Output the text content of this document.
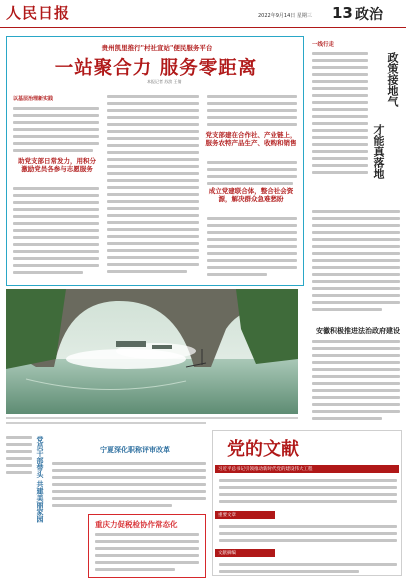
人民日报	2022年9月14日 星期三 13 政治
贵州凯里推行"村社宣站"便民服务平台
一站聚合力 服务零距离
本报记者 苏滨 王倩
以基层治理新实践
助党支部日常发力，用积分激励党员各参与志愿服务
党支部建在合作社、产业链上，服务农特产品生产、收购和销售
成立党建联合体，整合社会资源，解决群众急难愁盼
一线行走
政策接地气
才能真落地
安徽积极推进法治政府建设
党员干部带头 共建美丽家园	宁夏深化职称评审改革
重庆力促税检协作常态化
党的文献
习近平总书记引领推动新时代党的建设伟大工程
重要文章
文献摘编
